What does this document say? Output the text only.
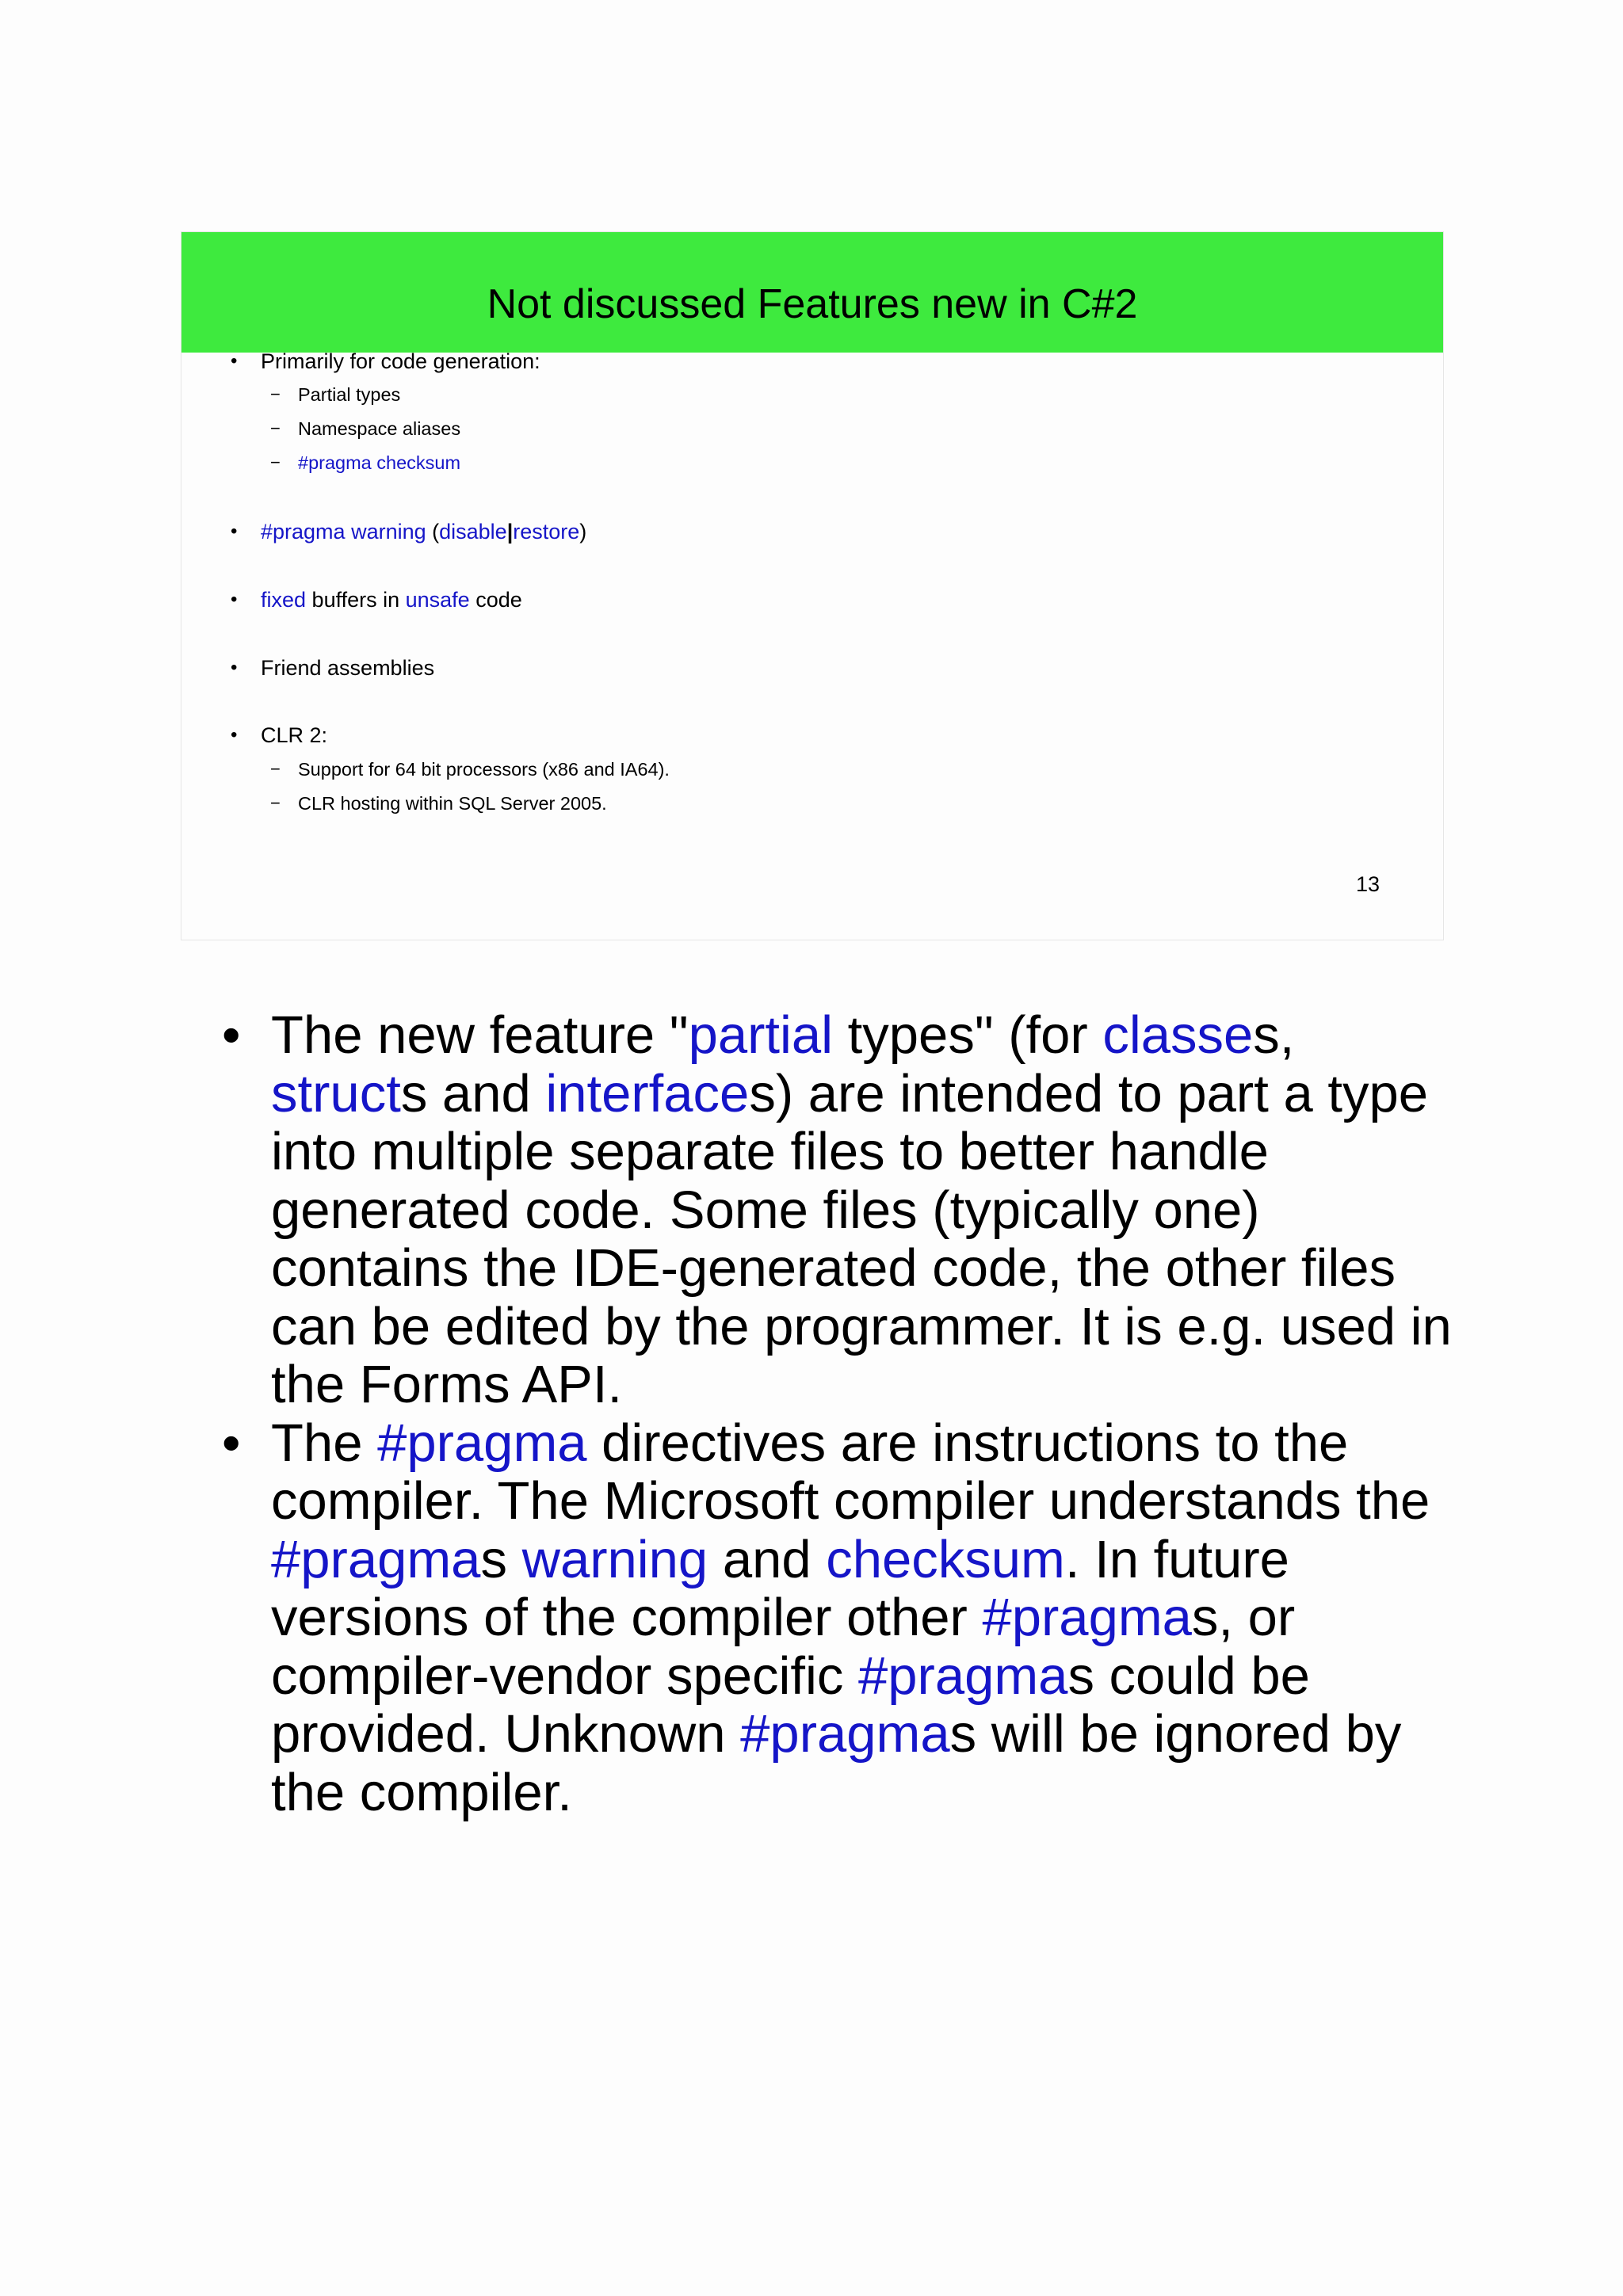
Not discussed Features new in C#2
• Primarily for code generation:
− Partial types
− Namespace aliases
− #pragma checksum
• #pragma warning (disable|restore)
• fixed buffers in unsafe code
• Friend assemblies
• CLR 2:
− Support for 64 bit processors (x86 and IA64).
− CLR hosting within SQL Server 2005.
13
• The new feature "partial types" (for classes, structs and interfaces) are intended to part a type into multiple separate files to better handle generated code. Some files (typically one) contains the IDE-generated code, the other files can be edited by the programmer. It is e.g. used in the Forms API.
• The #pragma directives are instructions to the compiler. The Microsoft compiler understands the #pragmas warning and checksum. In future versions of the compiler other #pragmas, or compiler-vendor specific #pragmas could be provided. Unknown #pragmas will be ignored by the compiler.
